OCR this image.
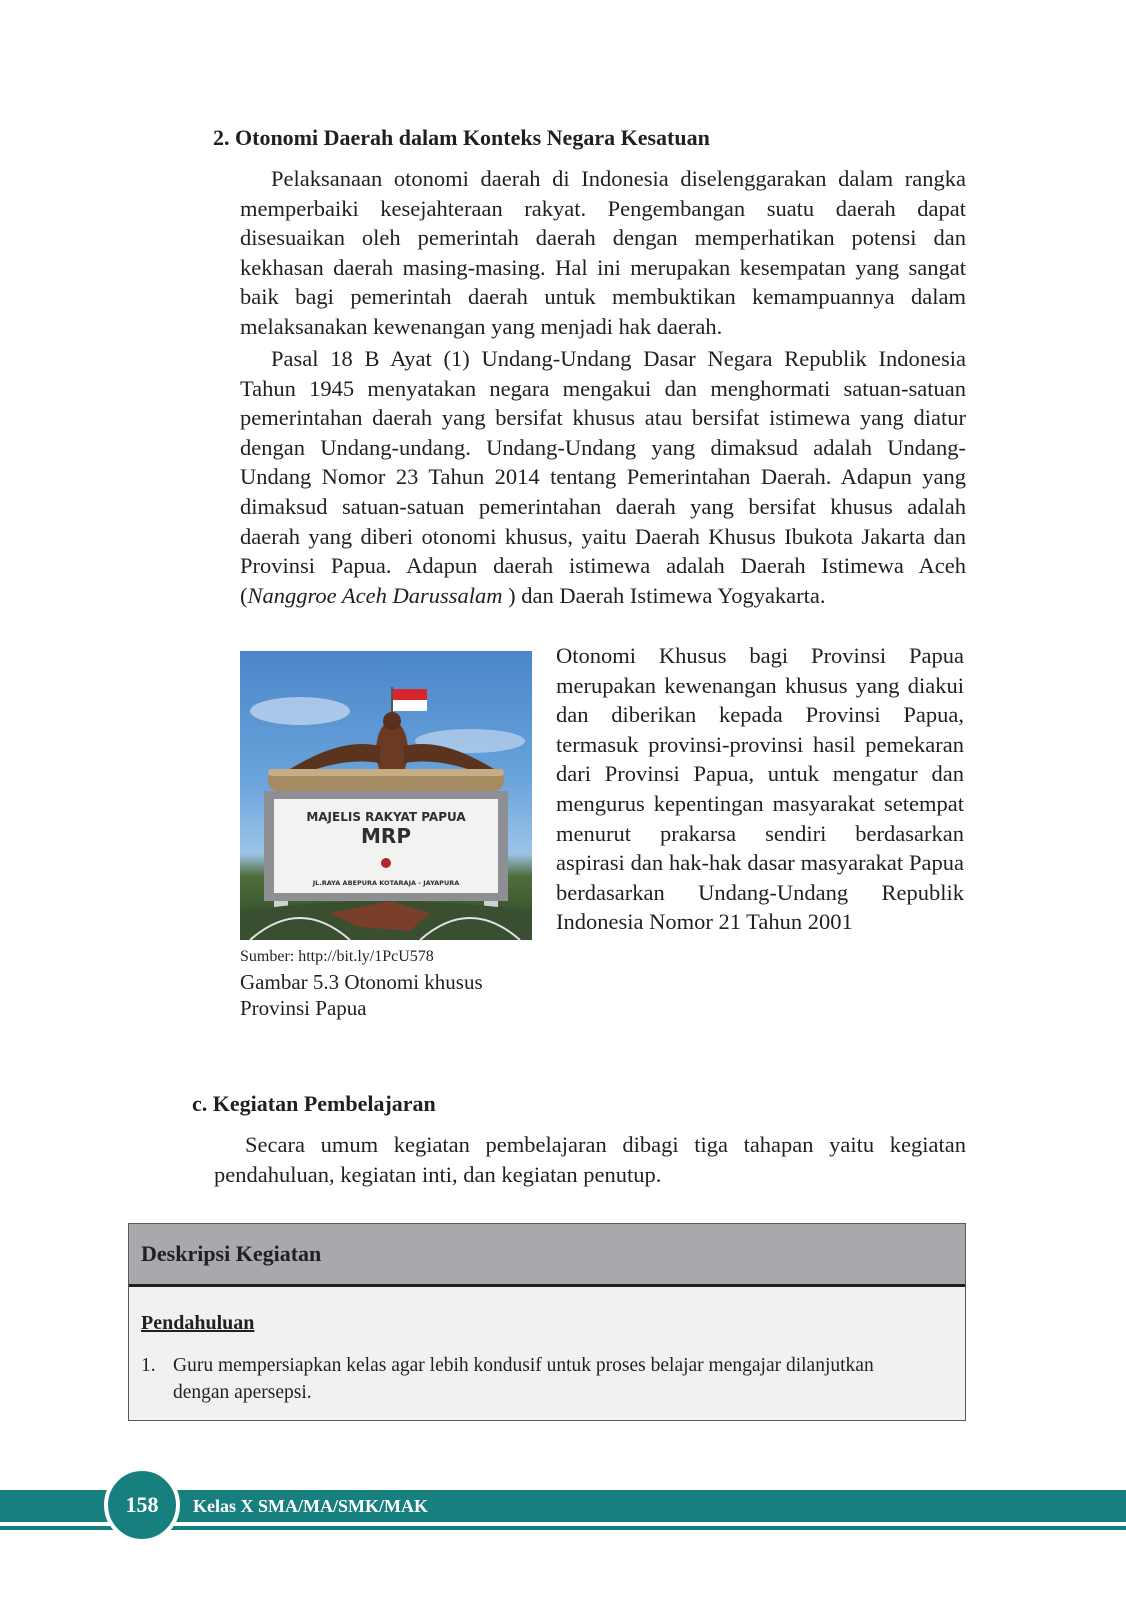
2. Otonomi Daerah dalam Konteks Negara Kesatuan

Pelaksanaan otonomi daerah di Indonesia diselenggarakan dalam rangka memperbaiki kesejahteraan rakyat. Pengembangan suatu daerah dapat disesuaikan oleh pemerintah daerah dengan memperhatikan potensi dan kekhasan daerah masing-masing. Hal ini merupakan kesempatan yang sangat baik bagi pemerintah daerah untuk membuktikan kemampuannya dalam melaksanakan kewenangan yang menjadi hak daerah.

Pasal 18 B Ayat (1) Undang-Undang Dasar Negara Republik Indonesia Tahun 1945 menyatakan negara mengakui dan menghormati satuan-satuan pemerintahan daerah yang bersifat khusus atau bersifat istimewa yang diatur dengan Undang-undang. Undang-Undang yang dimaksud adalah Undang-Undang Nomor 23 Tahun 2014 tentang Pemerintahan Daerah. Adapun yang dimaksud satuan-satuan pemerintahan daerah yang bersifat khusus adalah daerah yang diberi otonomi khusus, yaitu Daerah Khusus Ibukota Jakarta dan Provinsi Papua. Adapun daerah istimewa adalah Daerah Istimewa Aceh (Nanggroe Aceh Darussalam ) dan Daerah Istimewa Yogyakarta.

MAJELIS RAKYAT PAPUA
MRP
JL.RAYA ABEPURA KOTARAJA - JAYAPURA
Sumber: http://bit.ly/1PcU578
Gambar 5.3 Otonomi khusus Provinsi Papua

Otonomi Khusus bagi Provinsi Papua merupakan kewenangan khusus yang diakui dan diberikan kepada Provinsi Papua, termasuk provinsi-provinsi hasil pemekaran dari Provinsi Papua, untuk mengatur dan mengurus kepentingan masyarakat setempat menurut prakarsa sendiri berdasarkan aspirasi dan hak-hak dasar masyarakat Papua berdasarkan Undang-Undang Republik Indonesia Nomor 21 Tahun 2001

c. Kegiatan Pembelajaran

Secara umum kegiatan pembelajaran dibagi tiga tahapan yaitu kegiatan pendahuluan, kegiatan inti, dan kegiatan penutup.

Deskripsi Kegiatan
Pendahuluan
1. Guru mempersiapkan kelas agar lebih kondusif untuk proses belajar mengajar dilanjutkan dengan apersepsi.
158	Kelas X SMA/MA/SMK/MAK
